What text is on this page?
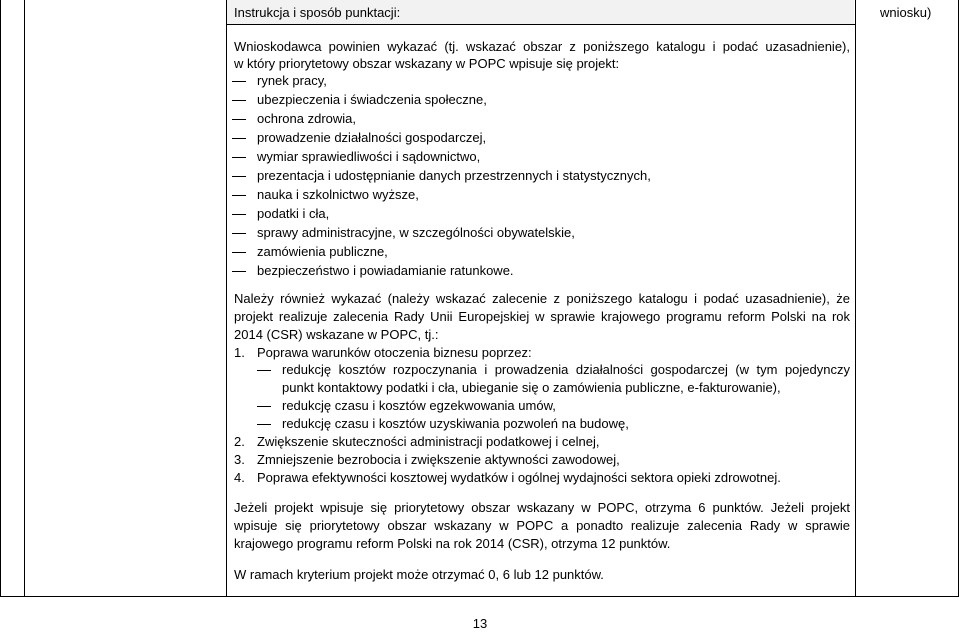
Instrukcja i sposób punktacji:	wniosku)
Wnioskodawca powinien wykazać (tj. wskazać obszar z poniższego katalogu i podać uzasadnienie),
w który priorytetowy obszar wskazany w POPC wpisuje się projekt:
rynek pracy,
ubezpieczenia i świadczenia społeczne,
ochrona zdrowia,
prowadzenie działalności gospodarczej,
wymiar sprawiedliwości i sądownictwo,
prezentacja i udostępnianie danych przestrzennych i statystycznych,
nauka i szkolnictwo wyższe,
podatki i cła,
sprawy administracyjne, w szczególności obywatelskie,
zamówienia publiczne,
bezpieczeństwo i powiadamianie ratunkowe.
Należy również wykazać (należy wskazać zalecenie z poniższego katalogu i podać uzasadnienie), że
projekt realizuje zalecenia Rady Unii Europejskiej w sprawie krajowego programu reform Polski na rok
2014 (CSR) wskazane w POPC, tj.:
1. Poprawa warunków otoczenia biznesu poprzez:
redukcję kosztów rozpoczynania i prowadzenia działalności gospodarczej (w tym pojedynczy
punkt kontaktowy podatki i cła, ubieganie się o zamówienia publiczne, e-fakturowanie),
redukcję czasu i kosztów egzekwowania umów,
redukcję czasu i kosztów uzyskiwania pozwoleń na budowę,
2. Zwiększenie skuteczności administracji podatkowej i celnej,
3. Zmniejszenie bezrobocia i zwiększenie aktywności zawodowej,
4. Poprawa efektywności kosztowej wydatków i ogólnej wydajności sektora opieki zdrowotnej.
Jeżeli projekt wpisuje się priorytetowy obszar wskazany w POPC, otrzyma 6 punktów. Jeżeli projekt
wpisuje się priorytetowy obszar wskazany w POPC a ponadto realizuje zalecenia Rady w sprawie
krajowego programu reform Polski na rok 2014 (CSR), otrzyma 12 punktów.
W ramach kryterium projekt może otrzymać 0, 6 lub 12 punktów.
13
